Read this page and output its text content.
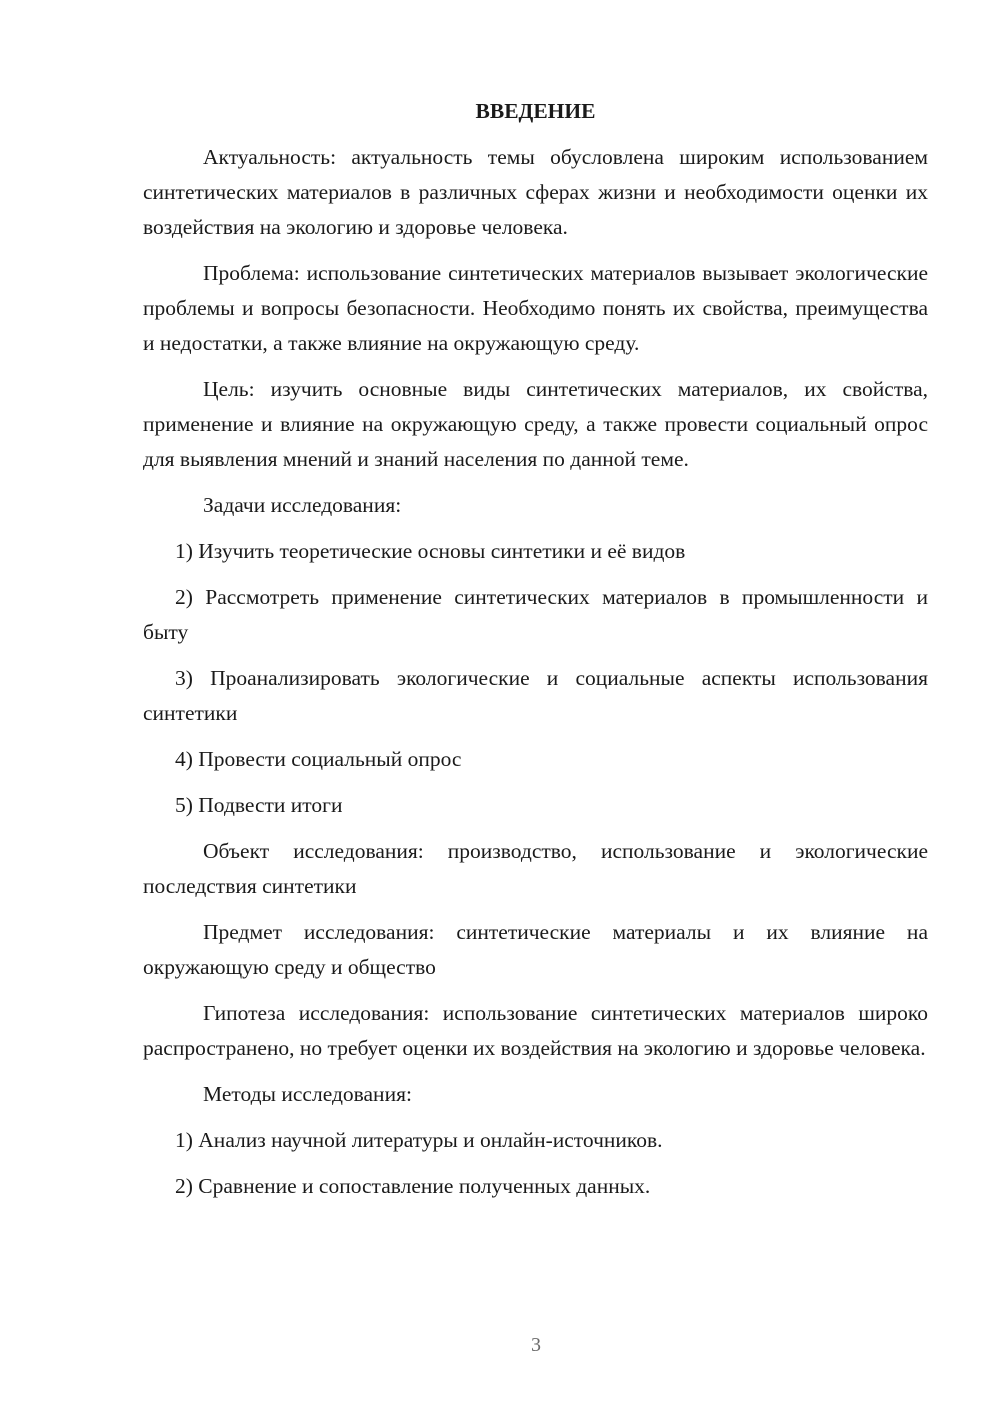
ВВЕДЕНИЕ

Актуальность: актуальность темы обусловлена широким использованием синтетических материалов в различных сферах жизни и необходимости оценки их воздействия на экологию и здоровье человека.

Проблема: использование синтетических материалов вызывает экологические проблемы и вопросы безопасности. Необходимо понять их свойства, преимущества и недостатки, а также влияние на окружающую среду.

Цель: изучить основные виды синтетических материалов, их свойства, применение и влияние на окружающую среду, а также провести социальный опрос для выявления мнений и знаний населения по данной теме.

Задачи исследования:

1) Изучить теоретические основы синтетики и её видов

2) Рассмотреть применение синтетических материалов в промышленности и быту

3) Проанализировать экологические и социальные аспекты использования синтетики

4) Провести социальный опрос

5) Подвести итоги

Объект исследования: производство, использование и экологические последствия синтетики

Предмет исследования: синтетические материалы и их влияние на окружающую среду и общество

Гипотеза исследования: использование синтетических материалов широко распространено, но требует оценки их воздействия на экологию и здоровье человека.

Методы исследования:

1) Анализ научной литературы и онлайн-источников.

2) Сравнение и сопоставление полученных данных.

3
